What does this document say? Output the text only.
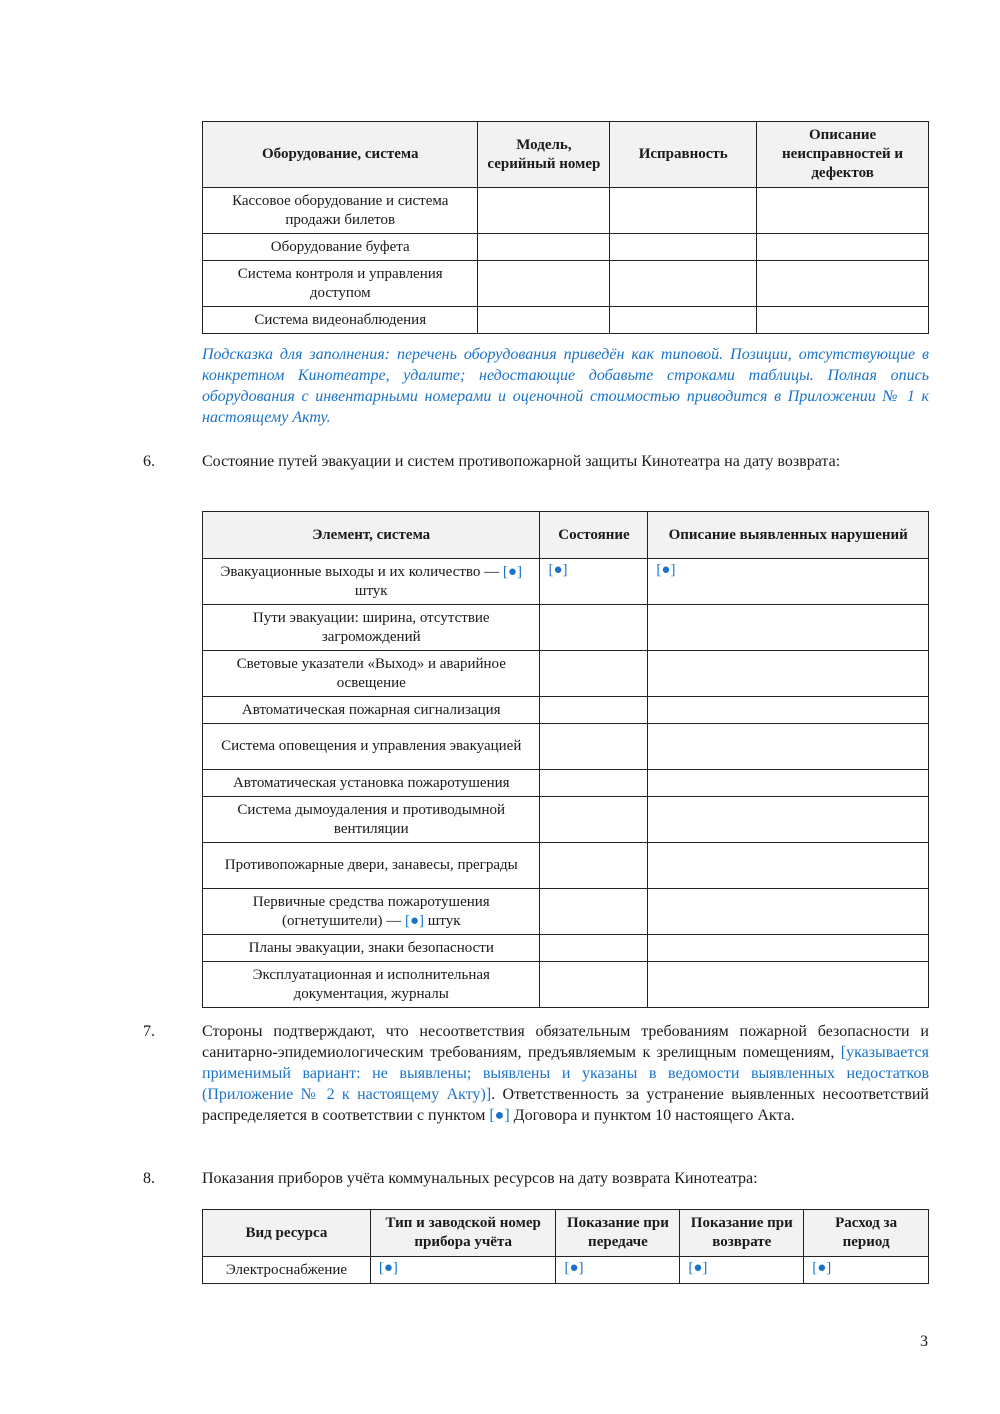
Оборудование, система	Модель, серийный номер	Исправность	Описание неисправностей и дефектов
Кассовое оборудование и система продажи билетов			
Оборудование буфета			
Система контроля и управления доступом			
Система видеонаблюдения			

Подсказка для заполнения: перечень оборудования приведён как типовой. Позиции, отсутствующие в конкретном Кинотеатре, удалите; недостающие добавьте строками таблицы. Полная опись оборудования с инвентарными номерами и оценочной стоимостью приводится в Приложении № 1 к настоящему Акту.

6.	Состояние путей эвакуации и систем противопожарной защиты Кинотеатра на дату возврата:
Элемент, система	Состояние	Описание выявленных нарушений
Эвакуационные выходы и их количество — [●] штук	[●]	[●]
Пути эвакуации: ширина, отсутствие загромождений		
Световые указатели «Выход» и аварийное освещение		
Автоматическая пожарная сигнализация		
Система оповещения и управления эвакуацией		
Автоматическая установка пожаротушения		
Система дымоудаления и противодымной вентиляции		
Противопожарные двери, занавесы, преграды		
Первичные средства пожаротушения (огнетушители) — [●] штук		
Планы эвакуации, знаки безопасности		
Эксплуатационная и исполнительная документация, журналы		
7.	Стороны подтверждают, что несоответствия обязательным требованиям пожарной безопасности и санитарно-эпидемиологическим требованиям, предъявляемым к зрелищным помещениям, [указывается применимый вариант: не выявлены; выявлены и указаны в ведомости выявленных недостатков (Приложение № 2 к настоящему Акту)]. Ответственность за устранение выявленных несоответствий распределяется в соответствии с пунктом [●] Договора и пунктом 10 настоящего Акта.
8.	Показания приборов учёта коммунальных ресурсов на дату возврата Кинотеатра:
Вид ресурса	Тип и заводской номер прибора учёта	Показание при передаче	Показание при возврате	Расход за период
Электроснабжение	[●]	[●]	[●]	[●]
3
